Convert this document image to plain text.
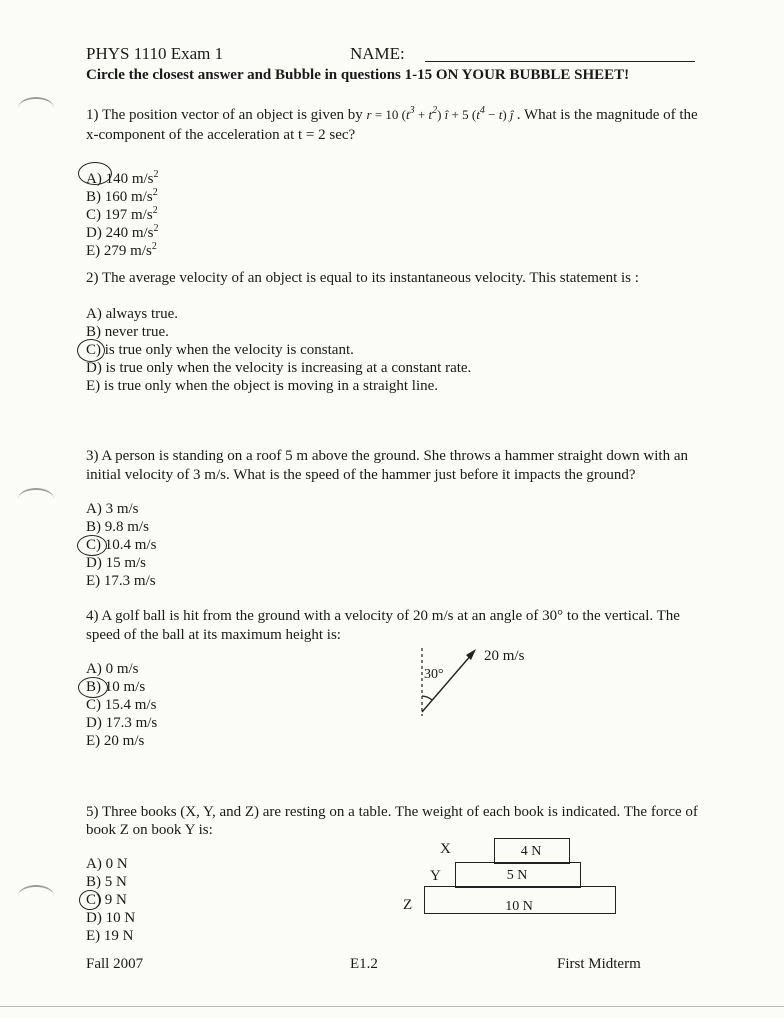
PHYS 1110 Exam 1	NAME:
Circle the closest answer and Bubble in questions 1-15 ON YOUR BUBBLE SHEET!
1) The position vector of an object is given by r = 10 $(t^3 + t^2)$ î + 5 $(t^4 - t)$ ĵ . What is the magnitude of the
x-component of the acceleration at t = 2 sec?
A) 140 $m/s^2$
B) 160 $m/s^2$
C) 197 $m/s^2$
D) 240 $m/s^2$
E) 279 $m/s^2$
2) The average velocity of an object is equal to its instantaneous velocity. This statement is :
A) always true.
B) never true.
C) is true only when the velocity is constant.
D) is true only when the velocity is increasing at a constant rate.
E) is true only when the object is moving in a straight line.
3) A person is standing on a roof 5 m above the ground. She throws a hammer straight down with an
initial velocity of 3 m/s. What is the speed of the hammer just before it impacts the ground?
A) 3 m/s
B) 9.8 m/s
C) 10.4 m/s
D) 15 m/s
E) 17.3 m/s
4) A golf ball is hit from the ground with a velocity of 20 m/s at an angle of 30° to the vertical. The
speed of the ball at its maximum height is:
A) 0 m/s
B) 10 m/s
C) 15.4 m/s
D) 17.3 m/s
E) 20 m/s
30°
20 m/s
5) Three books (X, Y, and Z) are resting on a table. The weight of each book is indicated. The force of
book Z on book Y is:
A) 0 N
B) 5 N
C) 9 N
D) 10 N
E) 19 N
4 N
X
5 N
Y
10 N
Z
Fall 2007	E1.2	First Midterm
